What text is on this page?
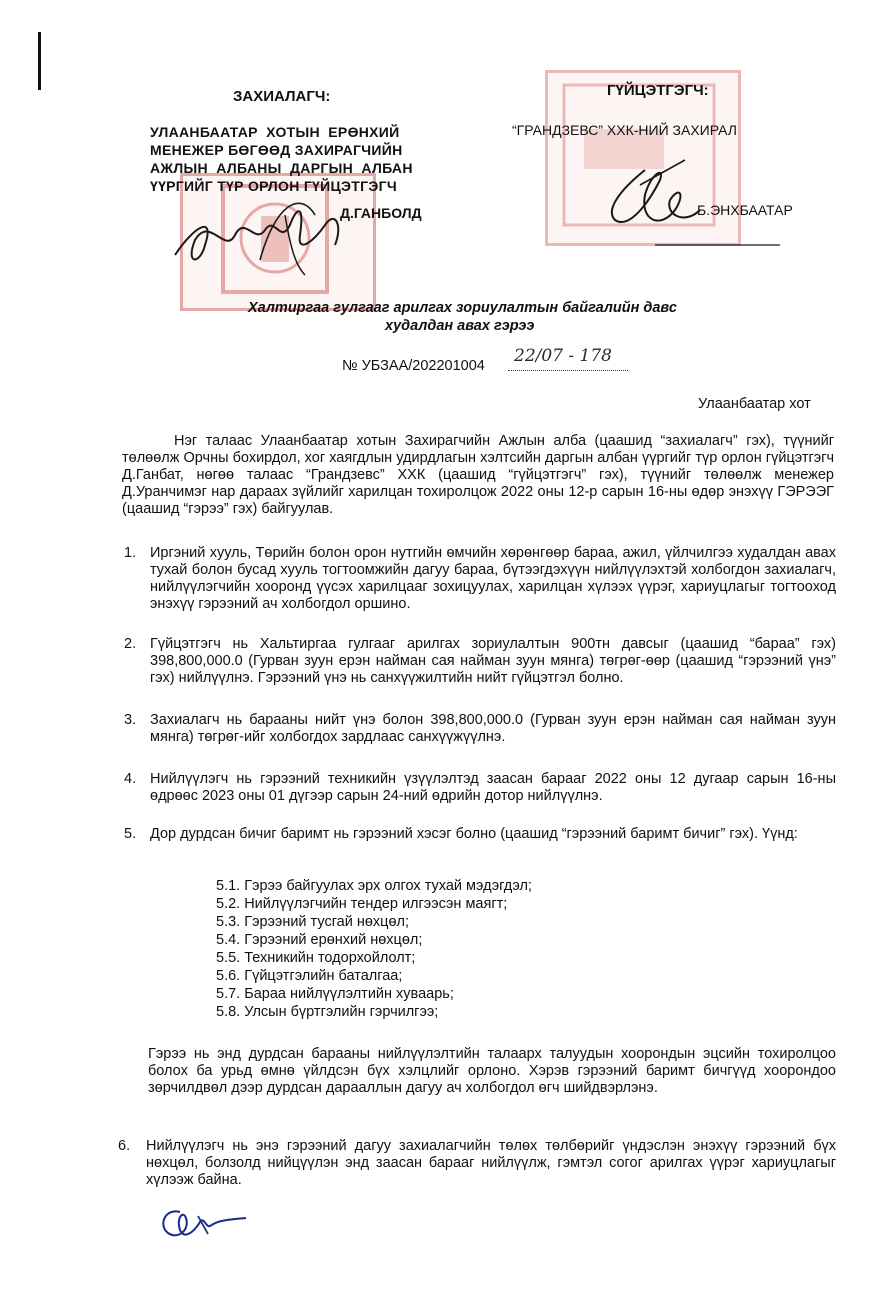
ЗАХИАЛАГЧ:
УЛААНБААТАР  ХОТЫН  ЕРӨНХИЙ
МЕНЕЖЕР БӨГӨӨД ЗАХИРАГЧИЙН
АЖЛЫН  АЛБАНЫ  ДАРГЫН  АЛБАН
ҮҮРГИЙГ ТҮР ОРЛОН ГҮЙЦЭТГЭГЧ
Д.ГАНБОЛД
ГҮЙЦЭТГЭГЧ:
“ГРАНДЗЕВС” ХХК-НИЙ ЗАХИРАЛ
Б.ЭНХБААТАР
Халтиргаа гулгааг арилгах зориулалтын байгалийн давс
худалдан авах гэрээ
№ УБЗАА/202201004 22/07 - 178
Улаанбаатар хот
Нэг талаас Улаанбаатар хотын Захирагчийн Ажлын алба (цаашид “захиалагч” гэх), түүнийг төлөөлж Орчны бохирдол, хог хаягдлын удирдлагын хэлтсийн даргын албан үүргийг түр орлон гүйцэтгэгч Д.Ганбат, нөгөө талаас “Грандзевс” ХХК (цаашид “гүйцэтгэгч” гэх), түүнийг төлөөлж менежер Д.Уранчимэг нар дараах зүйлийг харилцан тохиролцож 2022 оны 12-р сарын 16-ны өдөр энэхүү ГЭРЭЭГ (цаашид “гэрээ” гэх) байгуулав.
1. Иргэний хууль, Төрийн болон орон нутгийн өмчийн хөрөнгөөр бараа, ажил, үйлчилгээ худалдан авах тухай болон бусад хууль тогтоомжийн дагуу бараа, бүтээгдэхүүн нийлүүлэхтэй холбогдон захиалагч, нийлүүлэгчийн хооронд үүсэх харилцааг зохицуулах, харилцан хүлээх үүрэг, хариуцлагыг тогтооход энэхүү гэрээний ач холбогдол оршино.
2. Гүйцэтгэгч нь Хальтиргаа гулгааг арилгах зориулалтын 900тн давсыг (цаашид “бараа” гэх) 398,800,000.0 (Гурван зуун ерэн найман сая найман зуун мянга) төгрөг-өөр (цаашид “гэрээний үнэ” гэх) нийлүүлнэ. Гэрээний үнэ нь санхүүжилтийн нийт гүйцэтгэл болно.
3. Захиалагч нь барааны нийт үнэ болон 398,800,000.0 (Гурван зуун ерэн найман сая найман зуун мянга) төгрөг-ийг холбогдох зардлаас санхүүжүүлнэ.
4. Нийлүүлэгч нь гэрээний техникийн үзүүлэлтэд заасан барааг 2022 оны 12 дугаар сарын 16-ны өдрөөс 2023 оны 01 дүгээр сарын 24-ний өдрийн дотор нийлүүлнэ.
5. Дор дурдсан бичиг баримт нь гэрээний хэсэг болно (цаашид “гэрээний баримт бичиг” гэх). Үүнд:
5.1. Гэрээ байгуулах эрх олгох тухай мэдэгдэл;
5.2. Нийлүүлэгчийн тендер илгээсэн маягт;
5.3. Гэрээний тусгай нөхцөл;
5.4. Гэрээний ерөнхий нөхцөл;
5.5. Техникийн тодорхойлолт;
5.6. Гүйцэтгэлийн баталгаа;
5.7. Бараа нийлүүлэлтийн хуваарь;
5.8. Улсын бүртгэлийн гэрчилгээ;
Гэрээ нь энд дурдсан барааны нийлүүлэлтийн талаарх талуудын хоорондын эцсийн тохиролцоо болох ба урьд өмнө үйлдсэн бүх хэлцлийг орлоно. Хэрэв гэрээний баримт бичгүүд хоорондоо зөрчилдвөл дээр дурдсан дарааллын дагуу ач холбогдол өгч шийдвэрлэнэ.
6. Нийлүүлэгч нь энэ гэрээний дагуу захиалагчийн төлөх төлбөрийг үндэслэн энэхүү гэрээний бүх нөхцөл, болзолд нийцүүлэн энд заасан барааг нийлүүлж, гэмтэл согог арилгах үүрэг хариуцлагыг хүлээж байна.
